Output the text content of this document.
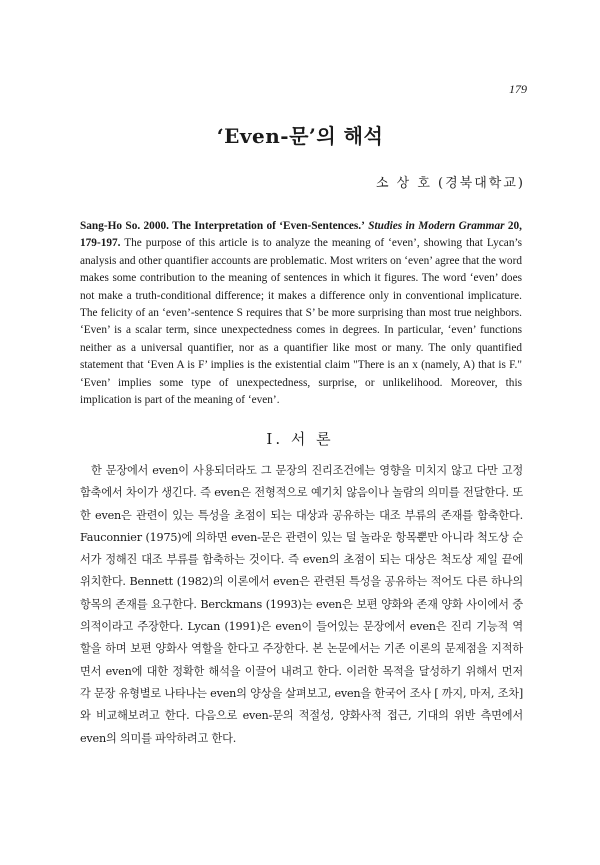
179
‘Even-문’의 해석
소 상 호 (경북대학교)

Sang-Ho So. 2000. The Interpretation of ‘Even-Sentences.’ Studies in Modern Grammar 20, 179-197. The purpose of this article is to analyze the meaning of ‘even’, showing that Lycan’s analysis and other quantifier accounts are problematic. Most writers on ‘even’ agree that the word makes some contribution to the meaning of sentences in which it figures. The word ‘even’ does not make a truth-conditional difference; it makes a difference only in conventional implicature. The felicity of an ‘even’-sentence S requires that S’ be more surprising than most true neighbors. ‘Even’ is a scalar term, since unexpectedness comes in degrees. In particular, ‘even’ functions neither as a universal quantifier, nor as a quantifier like most or many. The only quantified statement that ‘Even A is F’ implies is the existential claim "There is an x (namely, A) that is F." ‘Even’ implies some type of unexpectedness, surprise, or unlikelihood. Moreover, this implication is part of the meaning of ‘even’.

Ⅰ. 서 론

한 문장에서 even이 사용되더라도 그 문장의 진리조건에는 영향을 미치지 않고 다만 고정함축에서 차이가 생긴다. 즉 even은 전형적으로 예기치 않음이나 놀람의 의미를 전달한다. 또한 even은 관련이 있는 특성을 초점이 되는 대상과 공유하는 대조 부류의 존재를 함축한다. Fauconnier (1975)에 의하면 even-문은 관련이 있는 덜 놀라운 항목뿐만 아니라 척도상 순서가 정해진 대조 부류를 함축하는 것이다. 즉 even의 초점이 되는 대상은 척도상 제일 끝에 위치한다. Bennett (1982)의 이론에서 even은 관련된 특성을 공유하는 적어도 다른 하나의 항목의 존재를 요구한다. Berckmans (1993)는 even은 보편 양화와 존재 양화 사이에서 중의적이라고 주장한다. Lycan (1991)은 even이 들어있는 문장에서 even은 진리 기능적 역할을 하며 보편 양화사 역할을 한다고 주장한다. 본 논문에서는 기존 이론의 문제점을 지적하면서 even에 대한 정확한 해석을 이끌어 내려고 한다. 이러한 목적을 달성하기 위해서 먼저 각 문장 유형별로 나타나는 even의 양상을 살펴보고, even을 한국어 조사 [ 까지, 마저, 조차] 와 비교해보려고 한다. 다음으로 even-문의 적절성, 양화사적 접근, 기대의 위반 측면에서 even의 의미를 파악하려고 한다.
